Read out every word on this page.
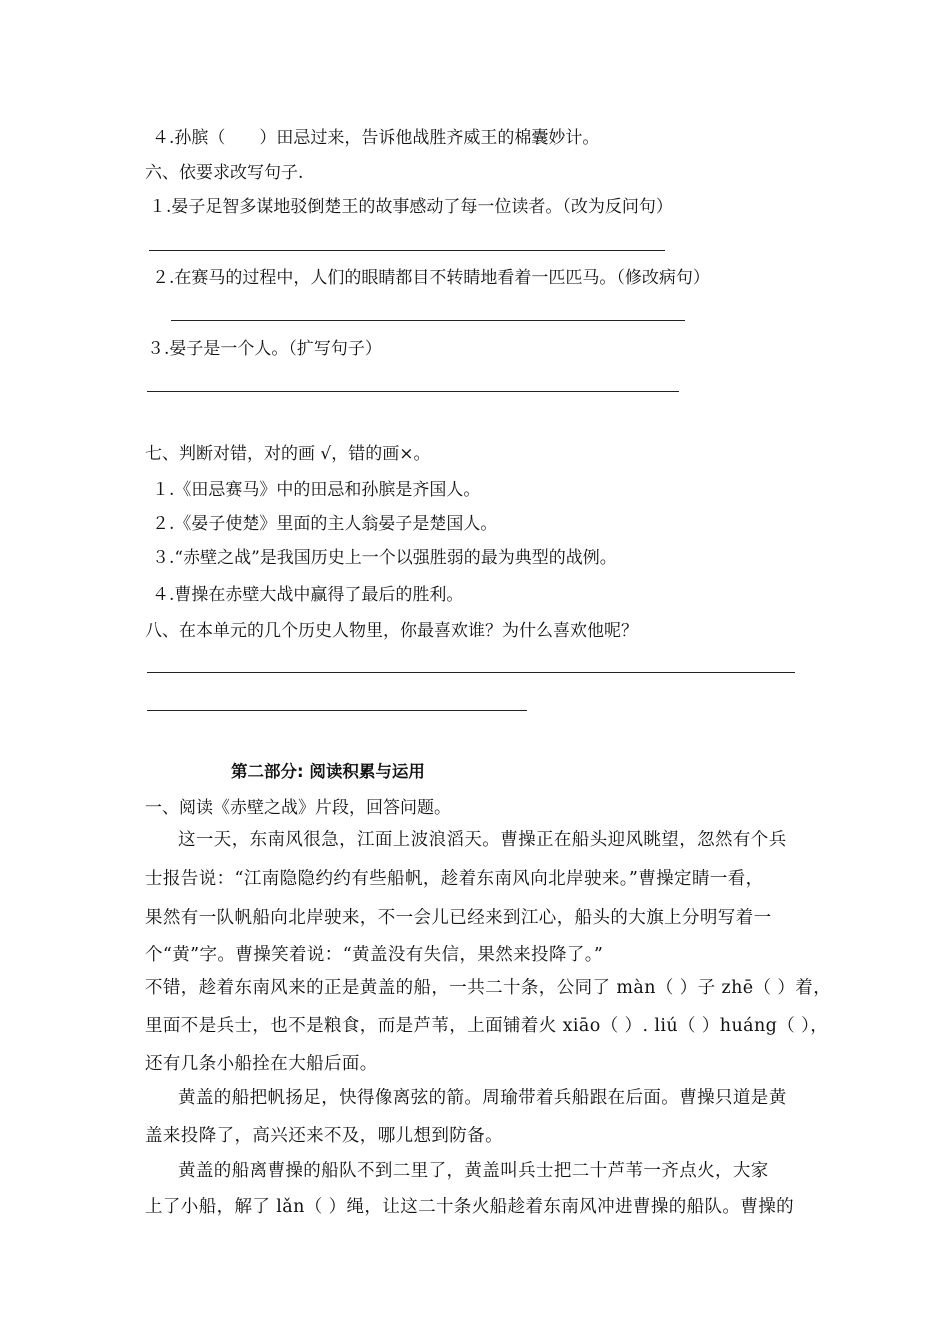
４.孙膑（　　）田忌过来，告诉他战胜齐威王的棉囊妙计。
六、依要求改写句子.
１.晏子足智多谋地驳倒楚王的故事感动了每一位读者。（改为反问句）
２.在赛马的过程中，人们的眼睛都目不转睛地看着一匹匹马。（修改病句）
３.晏子是一个人。（扩写句子）
七、判断对错，对的画 √，错的画×。
１.《田忌赛马》中的田忌和孙膑是齐国人。
２.《晏子使楚》里面的主人翁晏子是楚国人。
３.“赤壁之战”是我国历史上一个以强胜弱的最为典型的战例。
４.曹操在赤壁大战中赢得了最后的胜利。
八、在本单元的几个历史人物里，你最喜欢谁？为什么喜欢他呢？
第二部分: 阅读积累与运用
一、阅读《赤壁之战》片段，回答问题。
这一天，东南风很急，江面上波浪滔天。曹操正在船头迎风眺望，忽然有个兵
士报告说：“江南隐隐约约有些船帆，趁着东南风向北岸驶来。”曹操定睛一看，
果然有一队帆船向北岸驶来，不一会儿已经来到江心，船头的大旗上分明写着一
个“黄”字。曹操笑着说：“黄盖没有失信，果然来投降了。”
不错，趁着东南风来的正是黄盖的船，一共二十条，公同了 màn（ ）子 zhē（ ）着，
里面不是兵士，也不是粮食，而是芦苇，上面铺着火 xiāo（ ）. liú（ ）huáng（ ），
还有几条小船拴在大船后面。
黄盖的船把帆扬足，快得像离弦的箭。周瑜带着兵船跟在后面。曹操只道是黄
盖来投降了，高兴还来不及，哪儿想到防备。
黄盖的船离曹操的船队不到二里了，黄盖叫兵士把二十芦苇一齐点火，大家
上了小船，解了 lǎn（ ）绳，让这二十条火船趁着东南风冲进曹操的船队。曹操的
